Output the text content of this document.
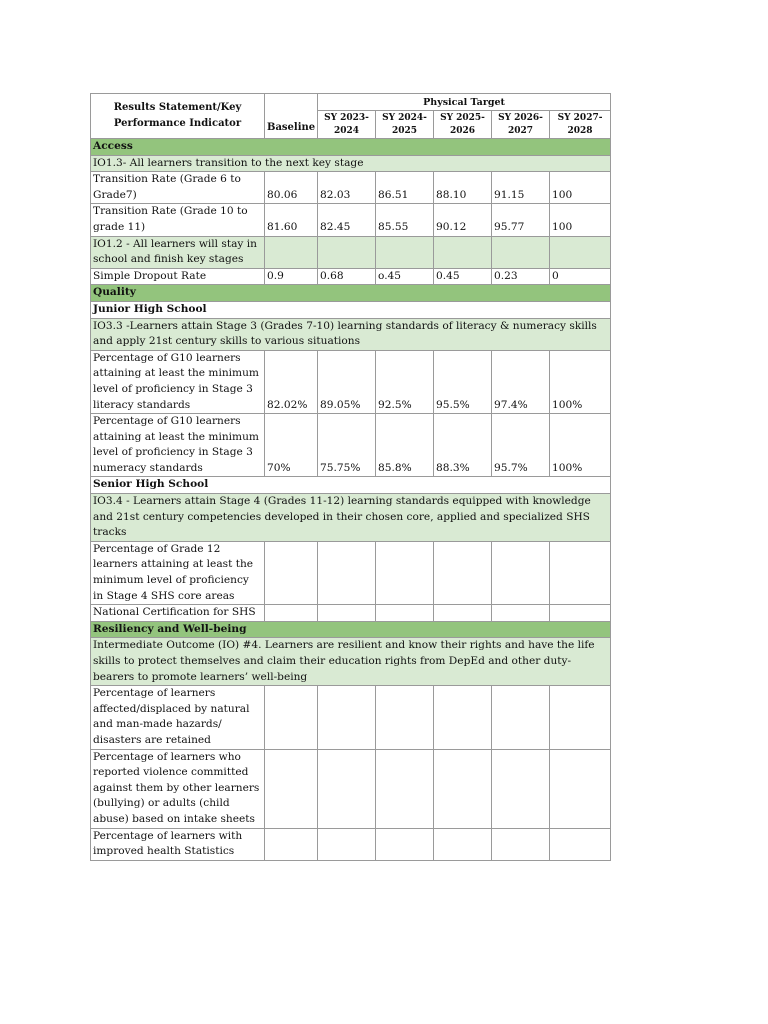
Results Statement/Key Performance Indicator	Baseline	Physical Target				
		SY 2023-2024	SY 2024-2025	SY 2025-2026	SY 2026-2027	SY 2027-2028
Access						
IO1.3- All learners transition to the next key stage						
Transition Rate (Grade 6 to Grade7)	80.06	82.03	86.51	88.10	91.15	100
Transition Rate (Grade 10 to grade 11)	81.60	82.45	85.55	90.12	95.77	100
IO1.2 - All learners will stay in school and finish key stages						
Simple Dropout Rate	0.9	0.68	o.45	0.45	0.23	0
Quality						
Junior High School						
IO3.3 -Learners attain Stage 3 (Grades 7-10) learning standards of literacy & numeracy skills and apply 21st century skills to various situations						
Percentage of G10 learners attaining at least the minimum level of proficiency in Stage 3 literacy standards	82.02%	89.05%	92.5%	95.5%	97.4%	100%
Percentage of G10 learners attaining at least the minimum level of proficiency in Stage 3 numeracy standards	70%	75.75%	85.8%	88.3%	95.7%	100%
Senior High School						
IO3.4 - Learners attain Stage 4 (Grades 11-12) learning standards equipped with knowledge and 21st century competencies developed in their chosen core, applied and specialized SHS tracks						
Percentage of Grade 12 learners attaining at least the minimum level of proficiency in Stage 4 SHS core areas						
National Certification for SHS						
Resiliency and Well-being						
Intermediate Outcome (IO) #4. Learners are resilient and know their rights and have the life skills to protect themselves and claim their education rights from DepEd and other duty-bearers to promote learners’ well-being						
Percentage of learners affected/displaced by natural and man-made hazards/ disasters are retained						
Percentage of learners who reported violence committed against them by other learners (bullying) or adults (child abuse) based on intake sheets						
Percentage of learners with improved health Statistics						
